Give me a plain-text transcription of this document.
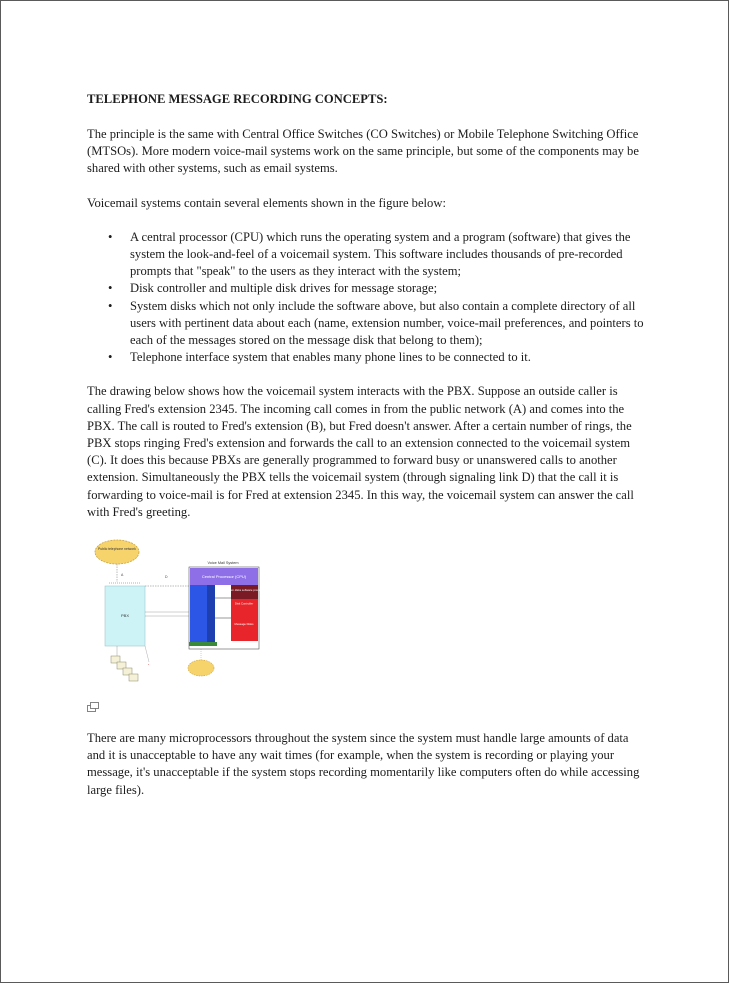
TELEPHONE MESSAGE RECORDING CONCEPTS:

The principle is the same with Central Office Switches (CO Switches) or Mobile Telephone Switching Office (MTSOs). More modern voice-mail systems work on the same principle, but some of the components may be shared with other systems, such as email systems.

Voicemail systems contain several elements shown in the figure below:

• A central processor (CPU) which runs the operating system and a program (software) that gives the system the look-and-feel of a voicemail system. This software includes thousands of pre-recorded prompts that "speak" to the users as they interact with the system;
• Disk controller and multiple disk drives for message storage;
• System disks which not only include the software above, but also contain a complete directory of all users with pertinent data about each (name, extension number, voice-mail preferences, and pointers to each of the messages stored on the message disk that belong to them);
• Telephone interface system that enables many phone lines to be connected to it.

The drawing below shows how the voicemail system interacts with the PBX. Suppose an outside caller is calling Fred's extension 2345. The incoming call comes in from the public network (A) and comes into the PBX. The call is routed to Fred's extension (B), but Fred doesn't answer. After a certain number of rings, the PBX stops ringing Fred's extension and forwards the call to an extension connected to the voicemail system (C). It does this because PBXs are generally programmed to forward busy or unanswered calls to another extension. Simultaneously the PBX tells the voicemail system (through signaling link D) that the call it is forwarding to voice-mail is for Fred at extension 2345. In this way, the voicemail system can answer the call with Fred's greeting.

Public telephone network
A
PBX
D
Voice Mail System
Central Processor (CPU)
System disks software prompts
Disk Controller
Message Disks
*

There are many microprocessors throughout the system since the system must handle large amounts of data and it is unacceptable to have any wait times (for example, when the system is recording or playing your message, it's unacceptable if the system stops recording momentarily like computers often do while accessing large files).
